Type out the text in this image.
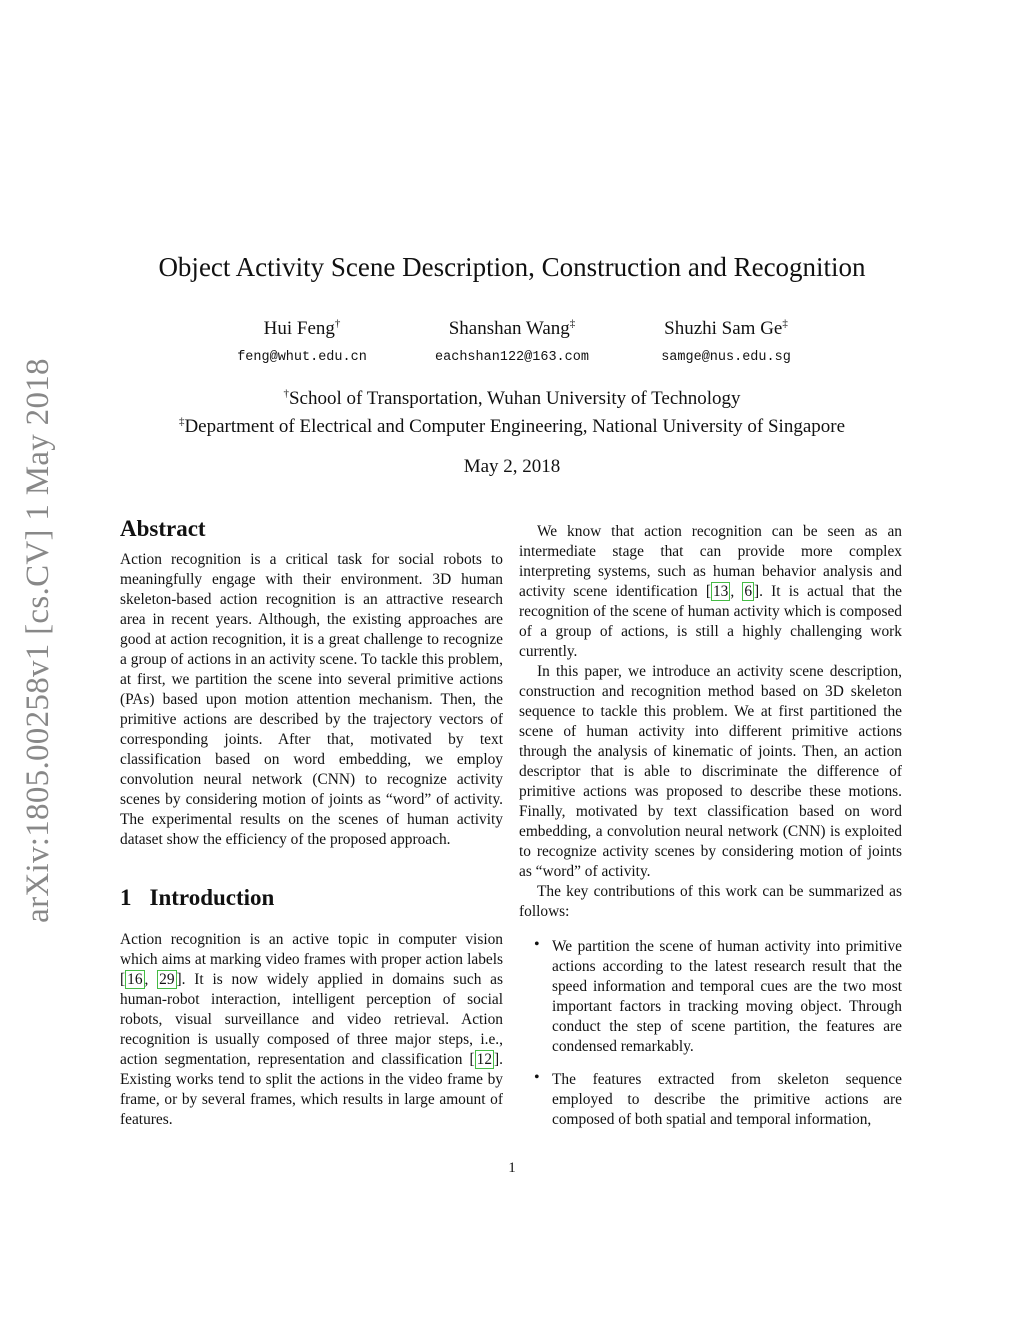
arXiv:1805.00258v1 [cs.CV] 1 May 2018
Object Activity Scene Description, Construction and Recognition
Hui Feng†
feng@whut.edu.cn
Shanshan Wang‡
eachshan122@163.com
Shuzhi Sam Ge‡
samge@nus.edu.sg
†School of Transportation, Wuhan University of Technology
‡Department of Electrical and Computer Engineering, National University of Singapore
May 2, 2018
Abstract

Action recognition is a critical task for social robots to meaningfully engage with their environment. 3D human skeleton-based action recognition is an attractive research area in recent years. Although, the existing approaches are good at action recognition, it is a great challenge to recognize a group of actions in an activity scene. To tackle this problem, at first, we partition the scene into several primitive actions (PAs) based upon motion attention mechanism. Then, the primitive actions are described by the trajectory vectors of corresponding joints. After that, motivated by text classification based on word embedding, we employ convolution neural network (CNN) to recognize activity scenes by considering motion of joints as “word” of activity. The experimental results on the scenes of human activity dataset show the efficiency of the proposed approach.

1 Introduction

Action recognition is an active topic in computer vision which aims at marking video frames with proper action labels [ 16 , 29 ]. It is now widely applied in domains such as human-robot interaction, intelligent perception of social robots, visual surveillance and video retrieval. Action recognition is usually composed of three major steps, i.e., action segmentation, representation and classification [ 12 ]. Existing works tend to split the actions in the video frame by frame, or by several frames, which results in large amount of features.

We know that action recognition can be seen as an intermediate stage that can provide more complex interpreting systems, such as human behavior analysis and activity scene identification [ 13 , 6 ]. It is actual that the recognition of the scene of human activity which is composed of a group of actions, is still a highly challenging work currently.

In this paper, we introduce an activity scene description, construction and recognition method based on 3D skeleton sequence to tackle this problem. We at first partitioned the scene of human activity into different primitive actions through the analysis of kinematic of joints. Then, an action descriptor that is able to discriminate the difference of primitive actions was proposed to describe these motions. Finally, motivated by text classification based on word embedding, a convolution neural network (CNN) is exploited to recognize activity scenes by considering motion of joints as “word” of activity.

The key contributions of this work can be summarized as follows:

• We partition the scene of human activity into primitive actions according to the latest research result that the speed information and temporal cues are the two most important factors in tracking moving object. Through conduct the step of scene partition, the features are condensed remarkably.

• The features extracted from skeleton sequence employed to describe the primitive actions are composed of both spatial and temporal information,

1
